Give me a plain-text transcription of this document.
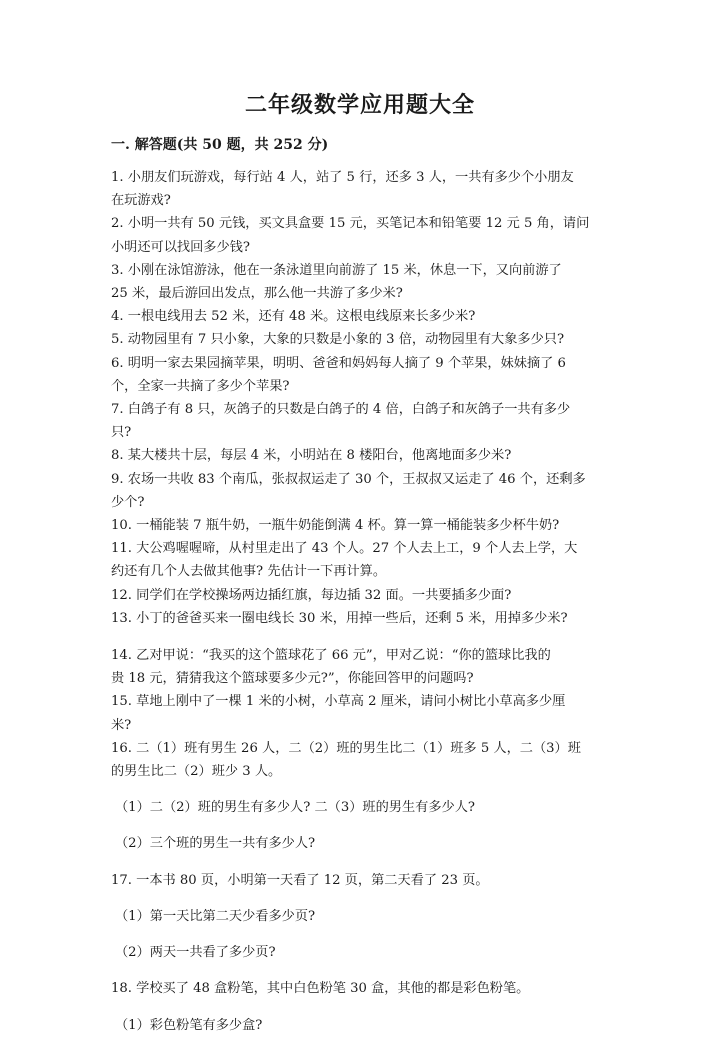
二年级数学应用题大全
一. 解答题(共 50 题，共 252 分)

1. 小朋友们玩游戏，每行站 4 人，站了 5 行，还多 3 人，一共有多少个小朋友

在玩游戏?

2. 小明一共有 50 元钱，买文具盒要 15 元，买笔记本和铅笔要 12 元 5 角，请问

小明还可以找回多少钱?

3. 小刚在泳馆游泳，他在一条泳道里向前游了 15 米，休息一下，又向前游了

25 米，最后游回出发点，那么他一共游了多少米?

4. 一根电线用去 52 米，还有 48 米。这根电线原来长多少米?

5. 动物园里有 7 只小象，大象的只数是小象的 3 倍，动物园里有大象多少只?

6. 明明一家去果园摘苹果，明明、爸爸和妈妈每人摘了 9 个苹果，妹妹摘了 6

个，全家一共摘了多少个苹果?

7. 白鸽子有 8 只，灰鸽子的只数是白鸽子的 4 倍，白鸽子和灰鸽子一共有多少

只?

8. 某大楼共十层，每层 4 米，小明站在 8 楼阳台，他离地面多少米?

9. 农场一共收 83 个南瓜，张叔叔运走了 30 个，王叔叔又运走了 46 个，还剩多

少个?

10. 一桶能装 7 瓶牛奶，一瓶牛奶能倒满 4 杯。算一算一桶能装多少杯牛奶?

11. 大公鸡喔喔啼，从村里走出了 43 个人。27 个人去上工，9 个人去上学，大

约还有几个人去做其他事? 先估计一下再计算。

12. 同学们在学校操场两边插红旗，每边插 32 面。一共要插多少面?

13. 小丁的爸爸买来一圈电线长 30 米，用掉一些后，还剩 5 米，用掉多少米?

14. 乙对甲说：“我买的这个篮球花了 66 元”，甲对乙说：“你的篮球比我的

贵 18 元，猜猜我这个篮球要多少元?”，你能回答甲的问题吗?

15. 草地上刚中了一棵 1 米的小树，小草高 2 厘米，请问小树比小草高多少厘

米?

16. 二（1）班有男生 26 人，二（2）班的男生比二（1）班多 5 人，二（3）班

的男生比二（2）班少 3 人。

（1）二（2）班的男生有多少人? 二（3）班的男生有多少人?

（2）三个班的男生一共有多少人?

17. 一本书 80 页，小明第一天看了 12 页，第二天看了 23 页。

（1）第一天比第二天少看多少页?

（2）两天一共看了多少页?

18. 学校买了 48 盒粉笔，其中白色粉笔 30 盒，其他的都是彩色粉笔。

（1）彩色粉笔有多少盒?
